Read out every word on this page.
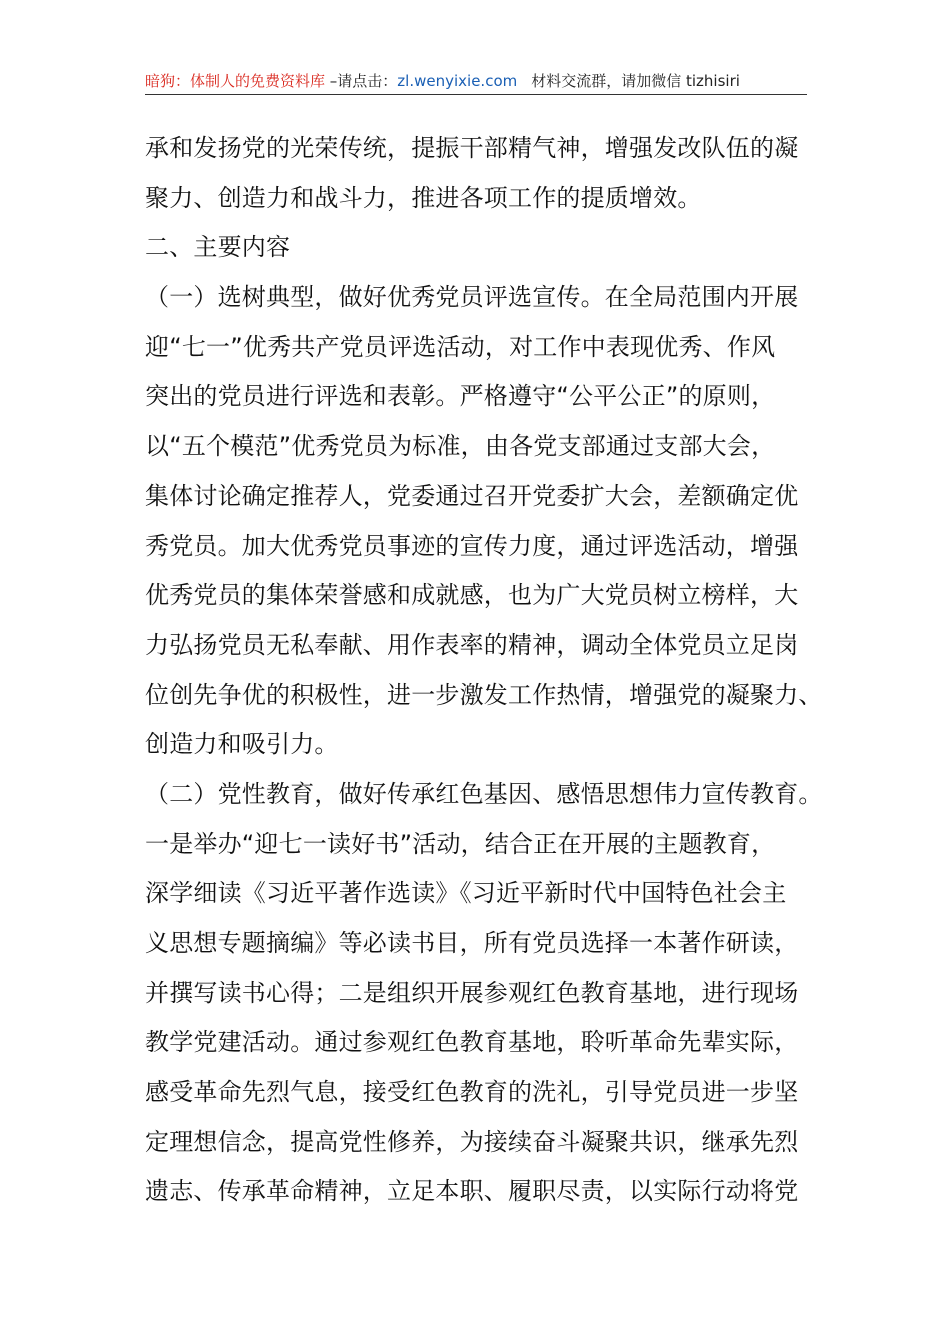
暗狗：体制人的免费资料库 –请点击：zl.wenyixie.com 材料交流群，请加微信 tizhisiri
承和发扬党的光荣传统，提振干部精气神，增强发改队伍的凝
聚力、创造力和战斗力，推进各项工作的提质增效。
二、主要内容
（一）选树典型，做好优秀党员评选宣传。在全局范围内开展
迎“七一”优秀共产党员评选活动，对工作中表现优秀、作风
突出的党员进行评选和表彰。严格遵守“公平公正”的原则，
以“五个模范”优秀党员为标准，由各党支部通过支部大会，
集体讨论确定推荐人，党委通过召开党委扩大会，差额确定优
秀党员。加大优秀党员事迹的宣传力度，通过评选活动，增强
优秀党员的集体荣誉感和成就感，也为广大党员树立榜样，大
力弘扬党员无私奉献、用作表率的精神，调动全体党员立足岗
位创先争优的积极性，进一步激发工作热情，增强党的凝聚力、
创造力和吸引力。
（二）党性教育，做好传承红色基因、感悟思想伟力宣传教育。
一是举办“迎七一读好书”活动，结合正在开展的主题教育，
深学细读《习近平著作选读》《习近平新时代中国特色社会主
义思想专题摘编》等必读书目，所有党员选择一本著作研读，
并撰写读书心得；二是组织开展参观红色教育基地，进行现场
教学党建活动。通过参观红色教育基地，聆听革命先辈实际，
感受革命先烈气息，接受红色教育的洗礼，引导党员进一步坚
定理想信念，提高党性修养，为接续奋斗凝聚共识，继承先烈
遗志、传承革命精神，立足本职、履职尽责，以实际行动将党
